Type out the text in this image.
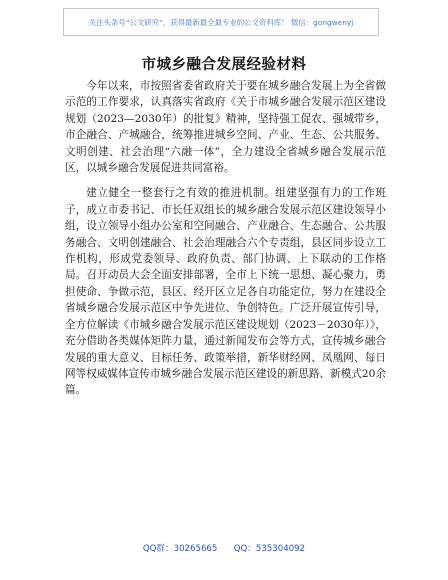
关注头条号“公文研究”，获得最新最全最专业的公文资料库！ 微信：gongwenyj
市城乡融合发展经验材料

今年以来，市按照省委省政府关于要在城乡融合发展上为全省做示范的工作要求，认真落实省政府《关于市城乡融合发展示范区建设规划（2023—2030年）的批复》精神，坚持强工促农、强城带乡，市企融合、产城融合，统筹推进城乡空间、产业、生态、公共服务、文明创建、社会治理“六融一体”，全力建设全省城乡融合发展示范区，以城乡融合发展促进共同富裕。

建立健全一整套行之有效的推进机制。组建坚强有力的工作班子，成立市委书记、市长任双组长的城乡融合发展示范区建设领导小组，设立领导小组办公室和空间融合、产业融合、生态融合、公共服务融合、文明创建融合、社会治理融合六个专责组，县区同步设立工作机构，形成党委领导、政府负责、部门协调、上下联动的工作格局。召开动员大会全面安排部署，全市上下统一思想、凝心聚力，勇担使命、争做示范，县区、经开区立足各自功能定位，努力在建设全省城乡融合发展示范区中争先进位、争创特色。广泛开展宣传引导，全方位解读《市城乡融合发展示范区建设规划（2023－2030年）》，充分借助各类媒体矩阵力量，通过新闻发布会等方式，宣传城乡融合发展的重大意义、目标任务、政策举措，新华财经网、凤凰网、每日网等权威媒体宣传市城乡融合发展示范区建设的新思路、新模式20余篇。

QQ群：30265665      QQ：535304092
